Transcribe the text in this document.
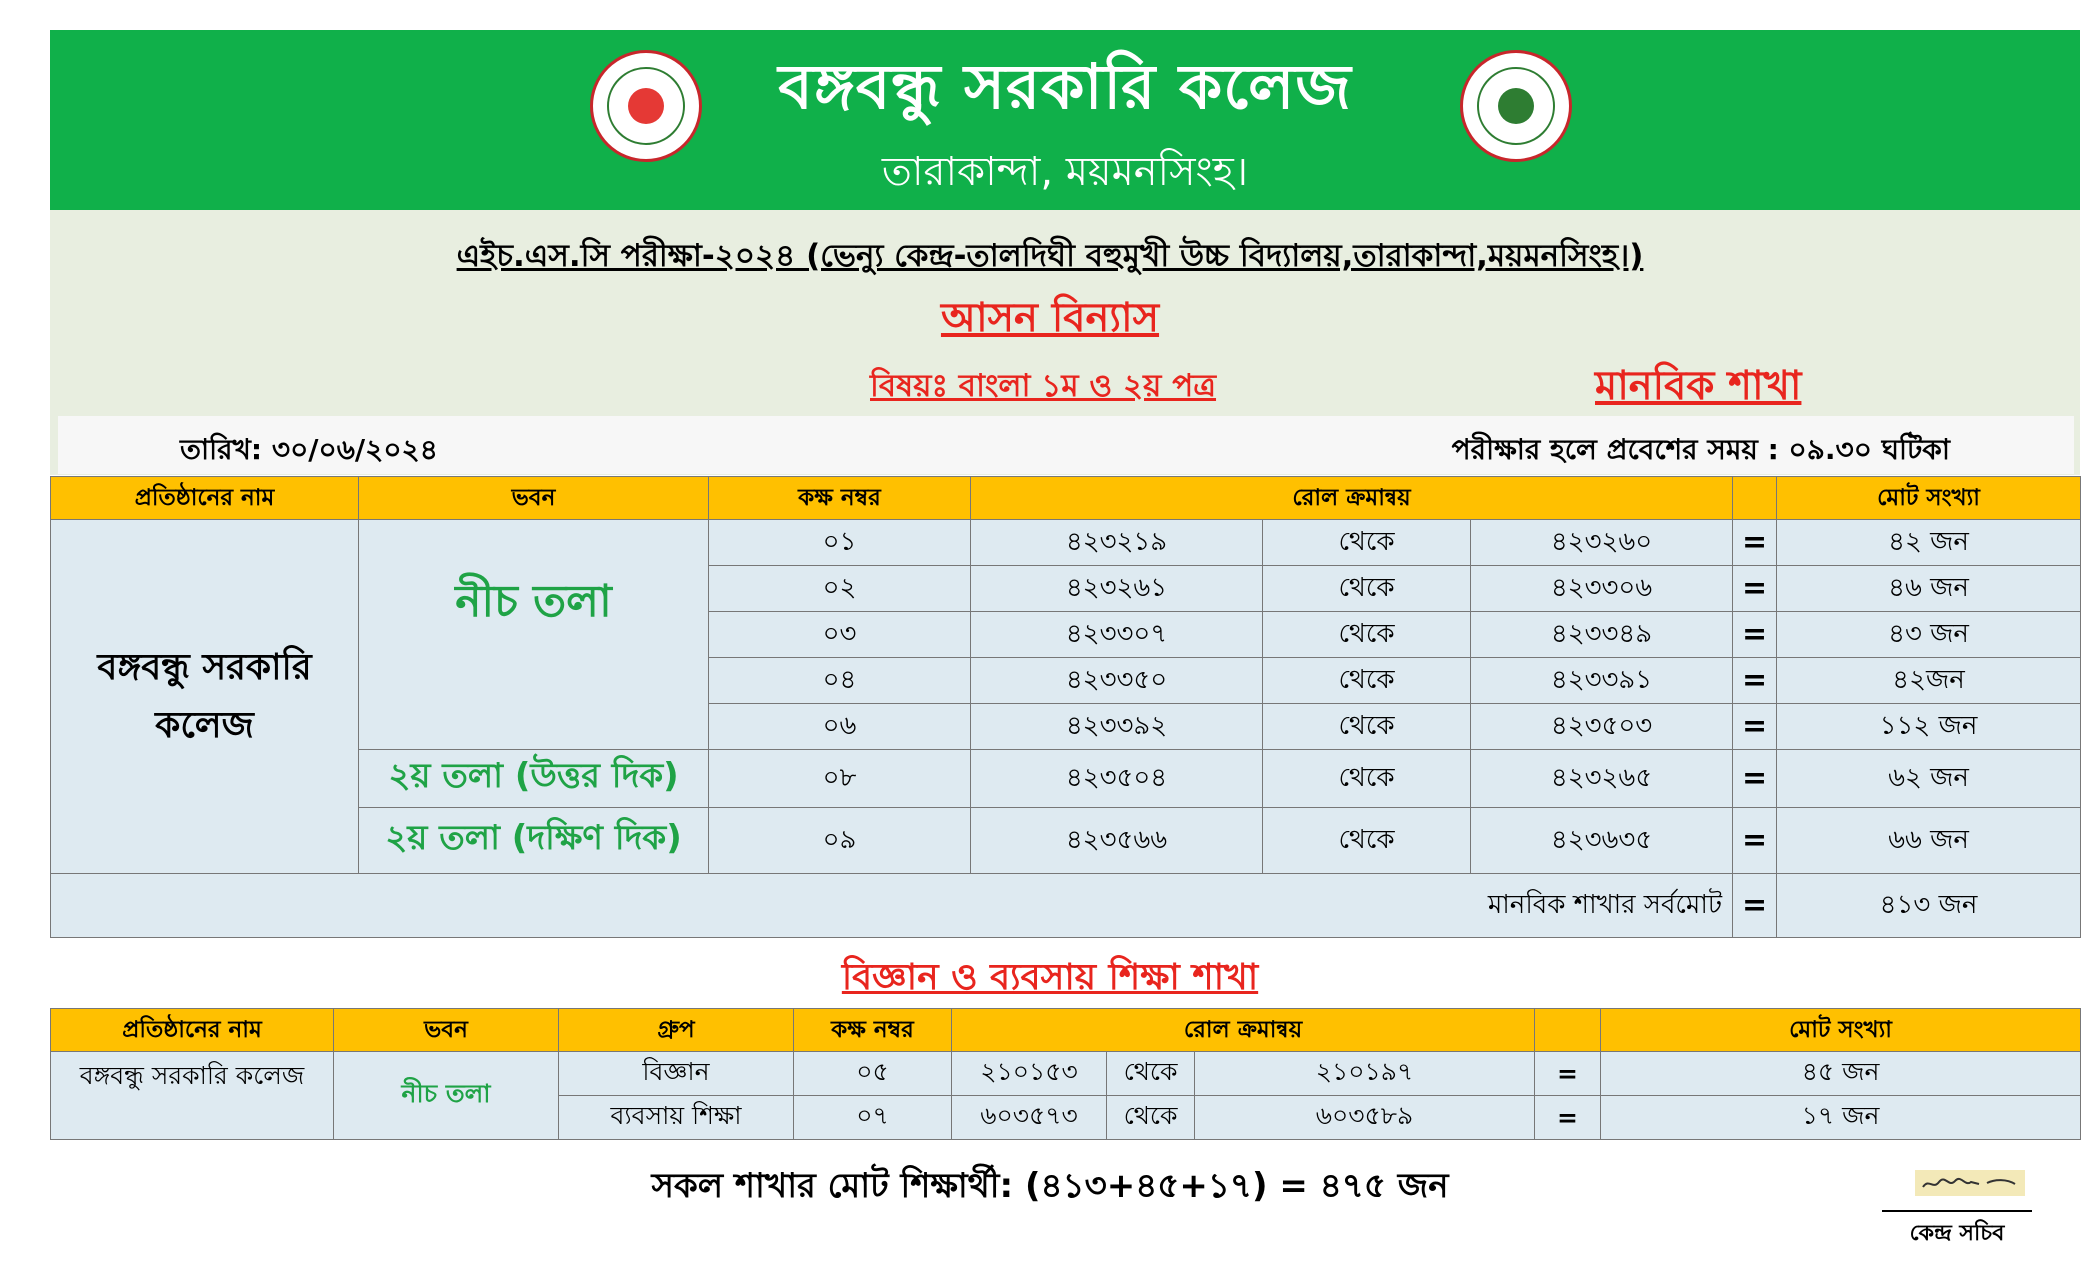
বঙ্গবন্ধু সরকারি কলেজ
তারাকান্দা, ময়মনসিংহ।
এইচ.এস.সি পরীক্ষা-২০২৪ (ভেন্যু কেন্দ্র-তালদিঘী বহুমুখী উচ্চ বিদ্যালয়,তারাকান্দা,ময়মনসিংহ।)
আসন বিন্যাস
বিষয়ঃ বাংলা ১ম ও ২য় পত্র	মানবিক শাখা
তারিখ: ৩০/০৬/২০২৪	পরীক্ষার হলে প্রবেশের সময় : ০৯.৩০ ঘটিকা
প্রতিষ্ঠানের নাম	ভবন	কক্ষ নম্বর	রোল ক্রমান্বয়				মোট সংখ্যা
বঙ্গবন্ধু সরকারি কলেজ	নীচ তলা	০১	৪২৩২১৯	থেকে	৪২৩২৬০	=	৪২ জন
		০২	৪২৩২৬১	থেকে	৪২৩৩০৬	=	৪৬ জন
		০৩	৪২৩৩০৭	থেকে	৪২৩৩৪৯	=	৪৩ জন
		০৪	৪২৩৩৫০	থেকে	৪২৩৩৯১	=	৪২জন
		০৬	৪২৩৩৯২	থেকে	৪২৩৫০৩	=	১১২ জন
	২য় তলা (উত্তর দিক)	০৮	৪২৩৫০৪	থেকে	৪২৩২৬৫	=	৬২ জন
	২য় তলা (দক্ষিণ দিক)	০৯	৪২৩৫৬৬	থেকে	৪২৩৬৩৫	=	৬৬ জন
মানবিক শাখার সর্বমোট						=	৪১৩ জন
বিজ্ঞান ও ব্যবসায় শিক্ষা শাখা
প্রতিষ্ঠানের নাম	ভবন	গ্রুপ	কক্ষ নম্বর	রোল ক্রমান্বয়				মোট সংখ্যা
বঙ্গবন্ধু সরকারি কলেজ	নীচ তলা	বিজ্ঞান	০৫	২১০১৫৩	থেকে	২১০১৯৭	=	৪৫ জন
		ব্যবসায় শিক্ষা	০৭	৬০৩৫৭৩	থেকে	৬০৩৫৮৯	=	১৭ জন
সকল শাখার মোট শিক্ষার্থী: (৪১৩+৪৫+১৭) = ৪৭৫ জন
কেন্দ্র সচিব
